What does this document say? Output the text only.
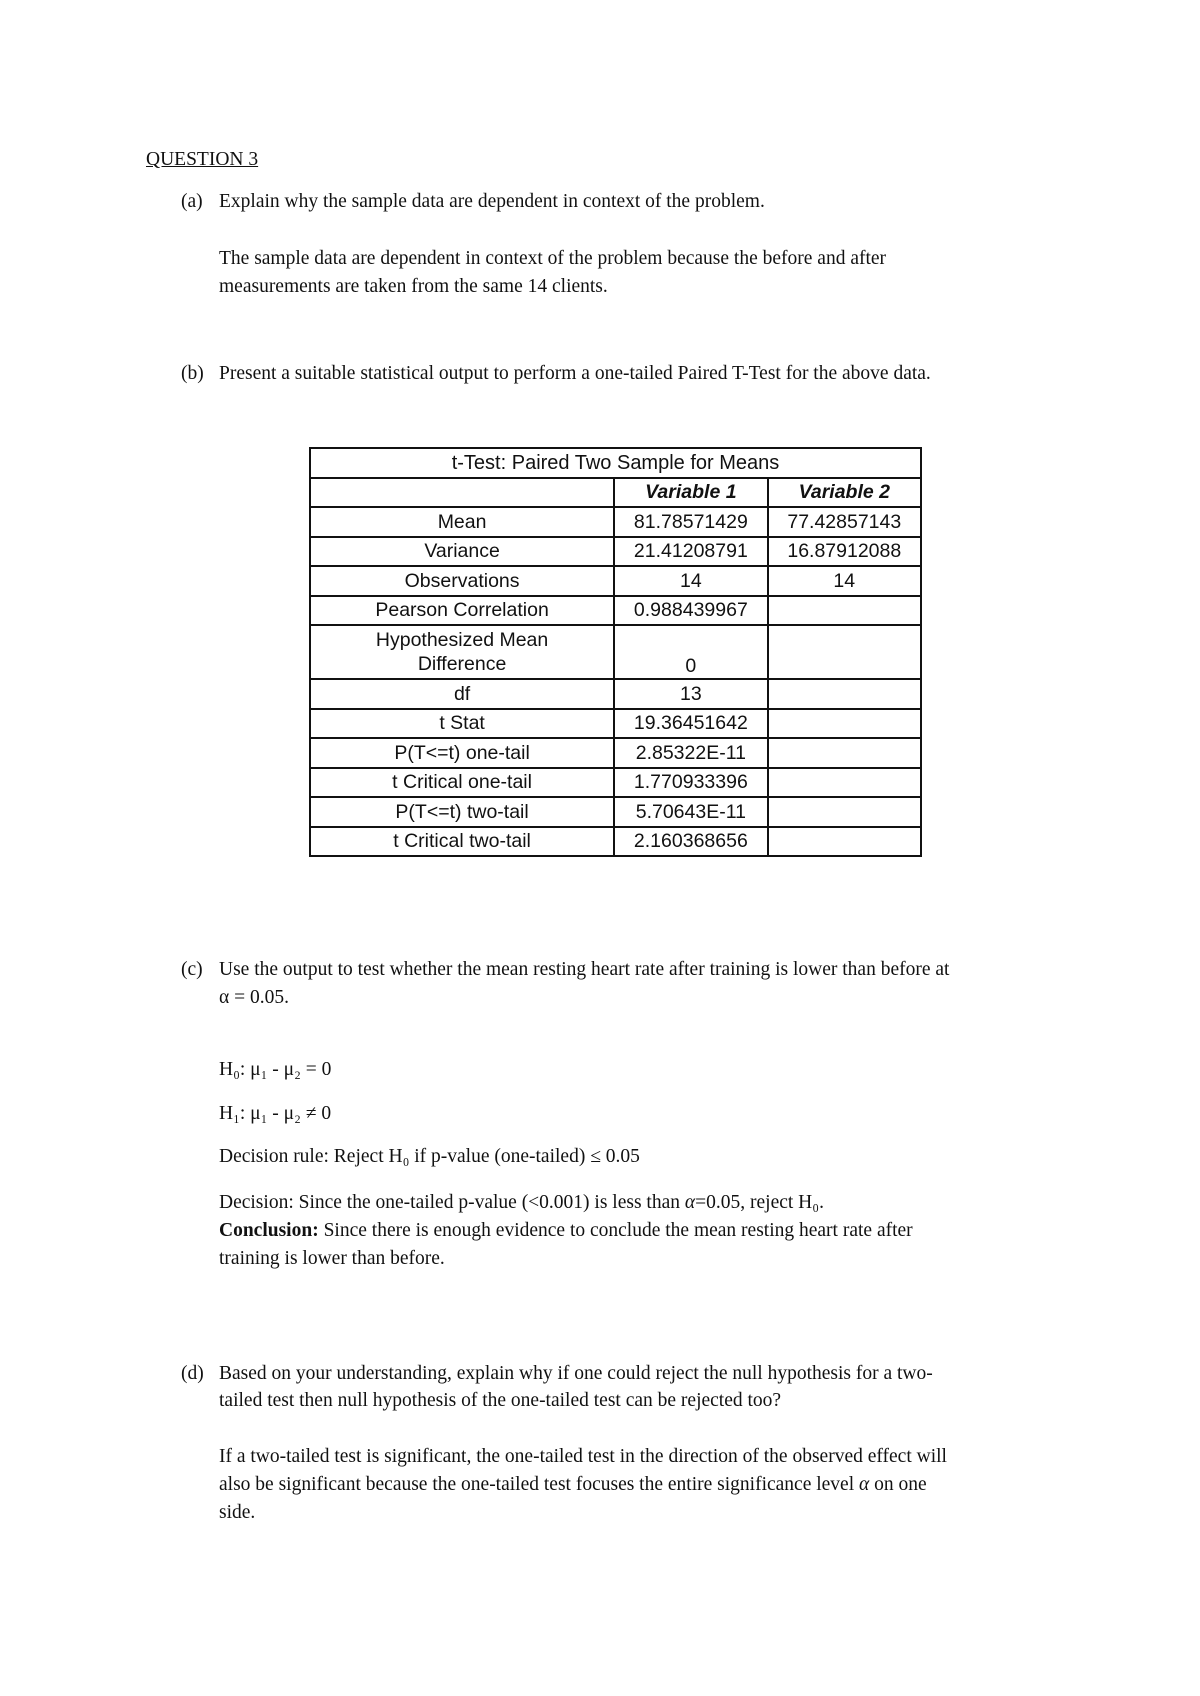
QUESTION 3
(a) Explain why the sample data are dependent in context of the problem.
The sample data are dependent in context of the problem because the before and after
measurements are taken from the same 14 clients.
(b) Present a suitable statistical output to perform a one-tailed Paired T-Test for the above data.
t-Test: Paired Two Sample for Means		
	Variable 1	Variable 2
Mean	81.78571429	77.42857143
Variance	21.41208791	16.87912088
Observations	14	14
Pearson Correlation	0.988439967	

Hypothesized Mean
Difference	0	
df	13	
t Stat	19.36451642	
P(T<=t) one-tail	2.85322E-11	
t Critical one-tail	1.770933396	
P(T<=t) two-tail	5.70643E-11	
t Critical two-tail	2.160368656	
(c) Use the output to test whether the mean resting heart rate after training is lower than before at
α = 0.05.
H₀: μ₁ - μ₂ = 0
H₁: μ₁ - μ₂ ≠ 0
Decision rule: Reject H₀ if p-value (one-tailed) ≤ 0.05
Decision: Since the one-tailed p-value (<0.001) is less than α=0.05, reject H₀.
Conclusion: Since there is enough evidence to conclude the mean resting heart rate after
training is lower than before.
(d) Based on your understanding, explain why if one could reject the null hypothesis for a two-
tailed test then null hypothesis of the one-tailed test can be rejected too?
If a two-tailed test is significant, the one-tailed test in the direction of the observed effect will
also be significant because the one-tailed test focuses the entire significance level α on one
side.
